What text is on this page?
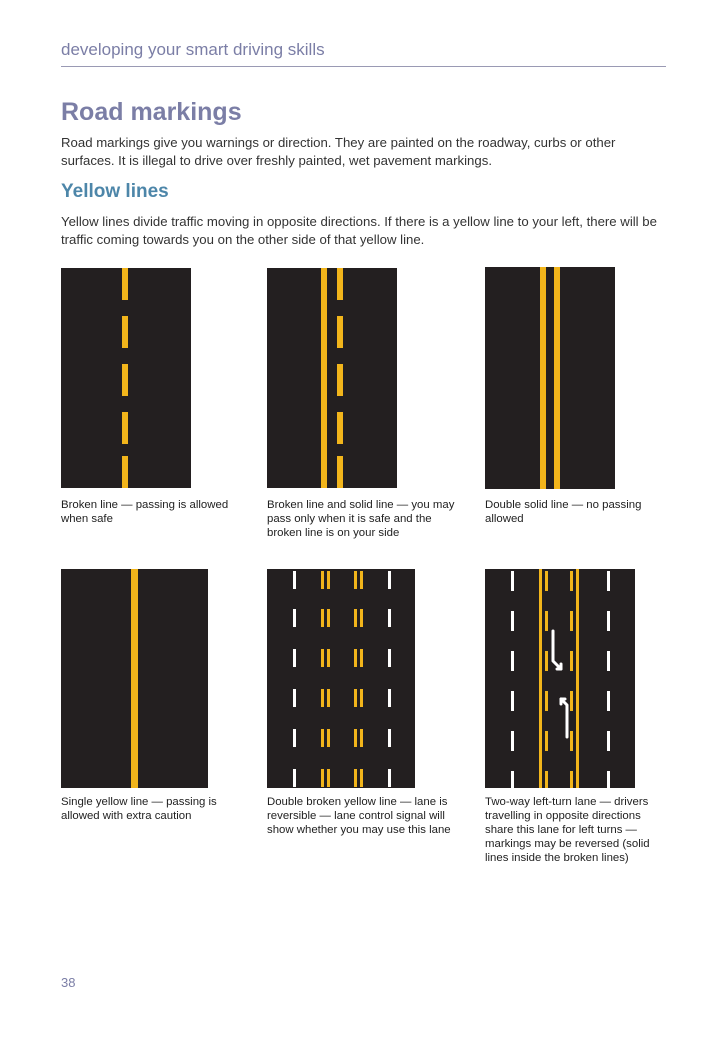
developing your smart driving skills
Road markings

Road markings give you warnings or direction. They are painted on the roadway, curbs or other surfaces. It is illegal to drive over freshly painted, wet pavement markings.

Yellow lines

Yellow lines divide traffic moving in opposite directions. If there is a yellow line to your left, there will be traffic coming towards you on the other side of that yellow line.

Broken line — passing is allowed when safe
Broken line and solid line — you may pass only when it is safe and the broken line is on your side
Double solid line — no passing allowed
Single yellow line — passing is allowed with extra caution
Double broken yellow line — lane is reversible — lane control signal will show whether you may use this lane
Two-way left-turn lane — drivers travelling in opposite directions share this lane for left turns — markings may be reversed (solid lines inside the broken lines)
38
